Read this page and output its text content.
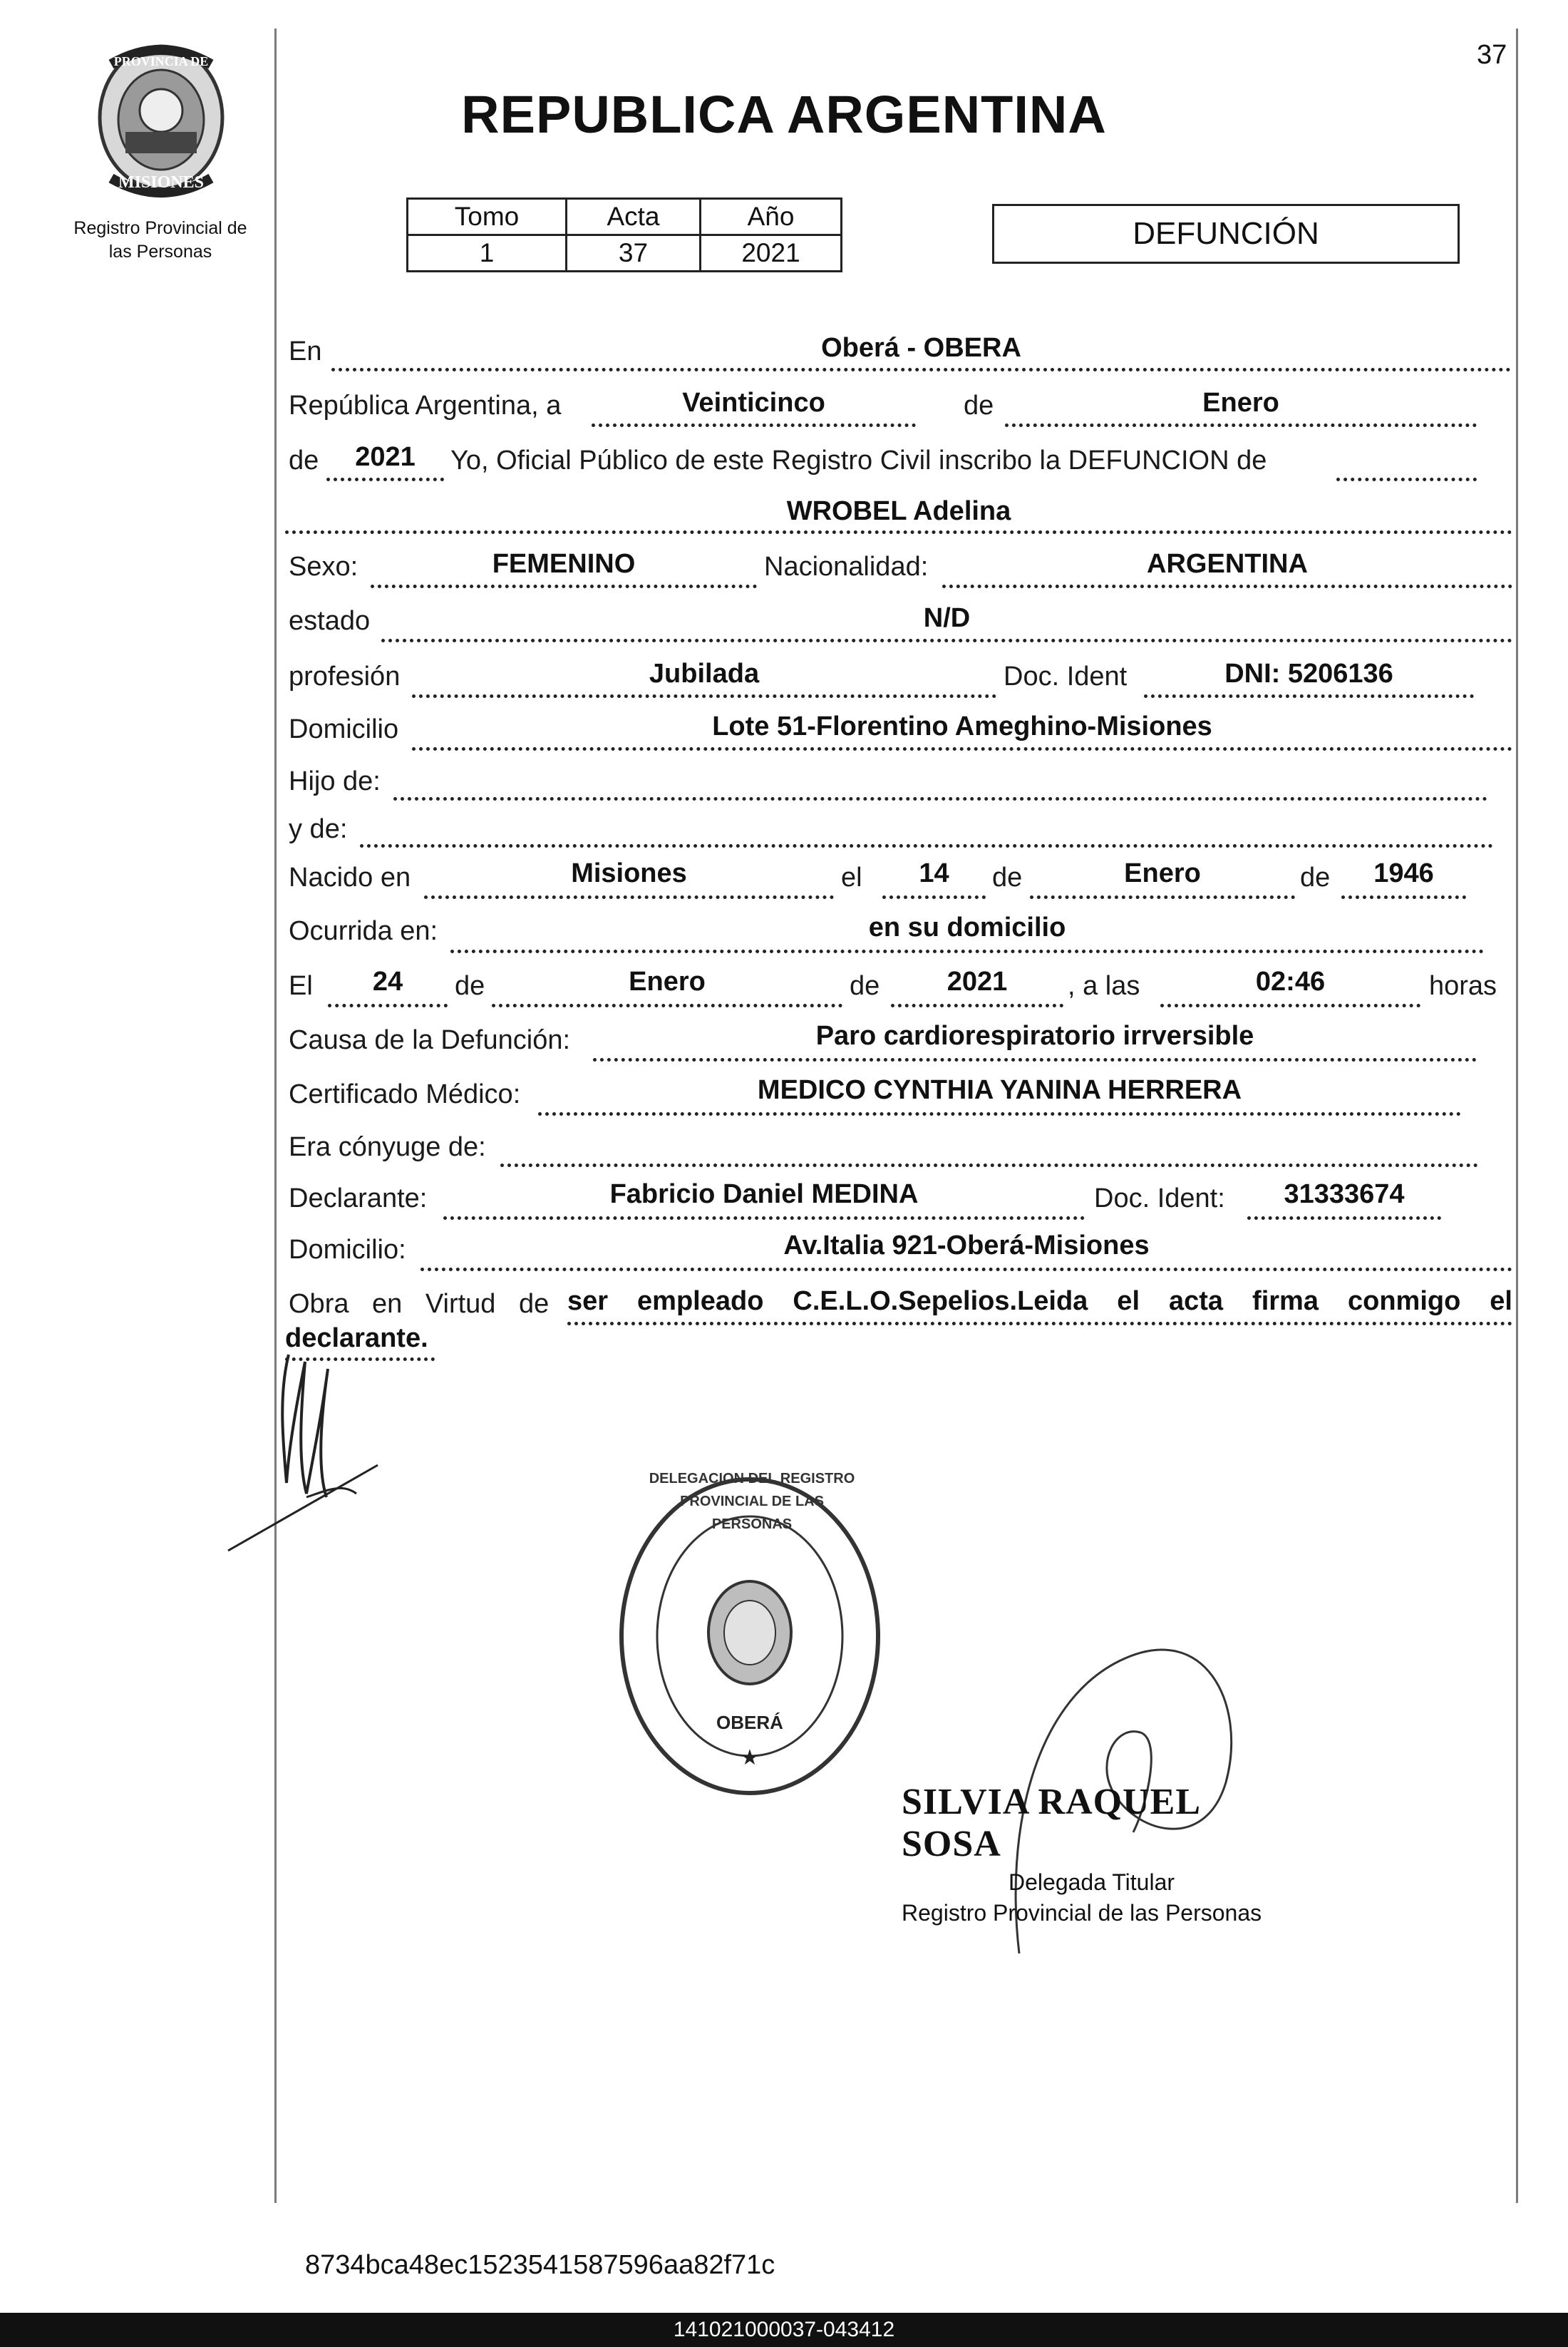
37
PROVINCIA DE
MISIONES
Registro Provincial de
las Personas
REPUBLICA ARGENTINA
Tomo	Acta	Año
1	37	2021
DEFUNCIÓN
En	Oberá - OBERA
República Argentina, a	Veinticinco	de	Enero
de	2021	Yo, Oficial Público de este Registro Civil inscribo la DEFUNCION de
WROBEL Adelina
Sexo:	FEMENINO	Nacionalidad:	ARGENTINA
estado	N/D
profesión	Jubilada	Doc. Ident	DNI: 5206136
Domicilio	Lote 51-Florentino Ameghino-Misiones
Hijo de:
y de:
Nacido en	Misiones	el	14	de	Enero	de	1946
Ocurrida en:	en su domicilio
El	24	de	Enero	de	2021	, a las	02:46	horas
Causa de la Defunción:	Paro cardiorespiratorio irrversible
Certificado Médico:	MEDICO CYNTHIA YANINA HERRERA
Era cónyuge de:
Declarante:	Fabricio Daniel MEDINA	Doc. Ident:	31333674
Domicilio:	Av.Italia 921-Oberá-Misiones
Obra en Virtud de ser empleado C.E.L.O.Sepelios.Leida el acta firma conmigo el
declarante.
OBERÁ
★
DELEGACION DEL REGISTRO PROVINCIAL DE LAS PERSONAS
SILVIA RAQUEL SOSA
Delegada Titular
Registro Provincial de las Personas
8734bca48ec1523541587596aa82f71c
141021000037-043412
